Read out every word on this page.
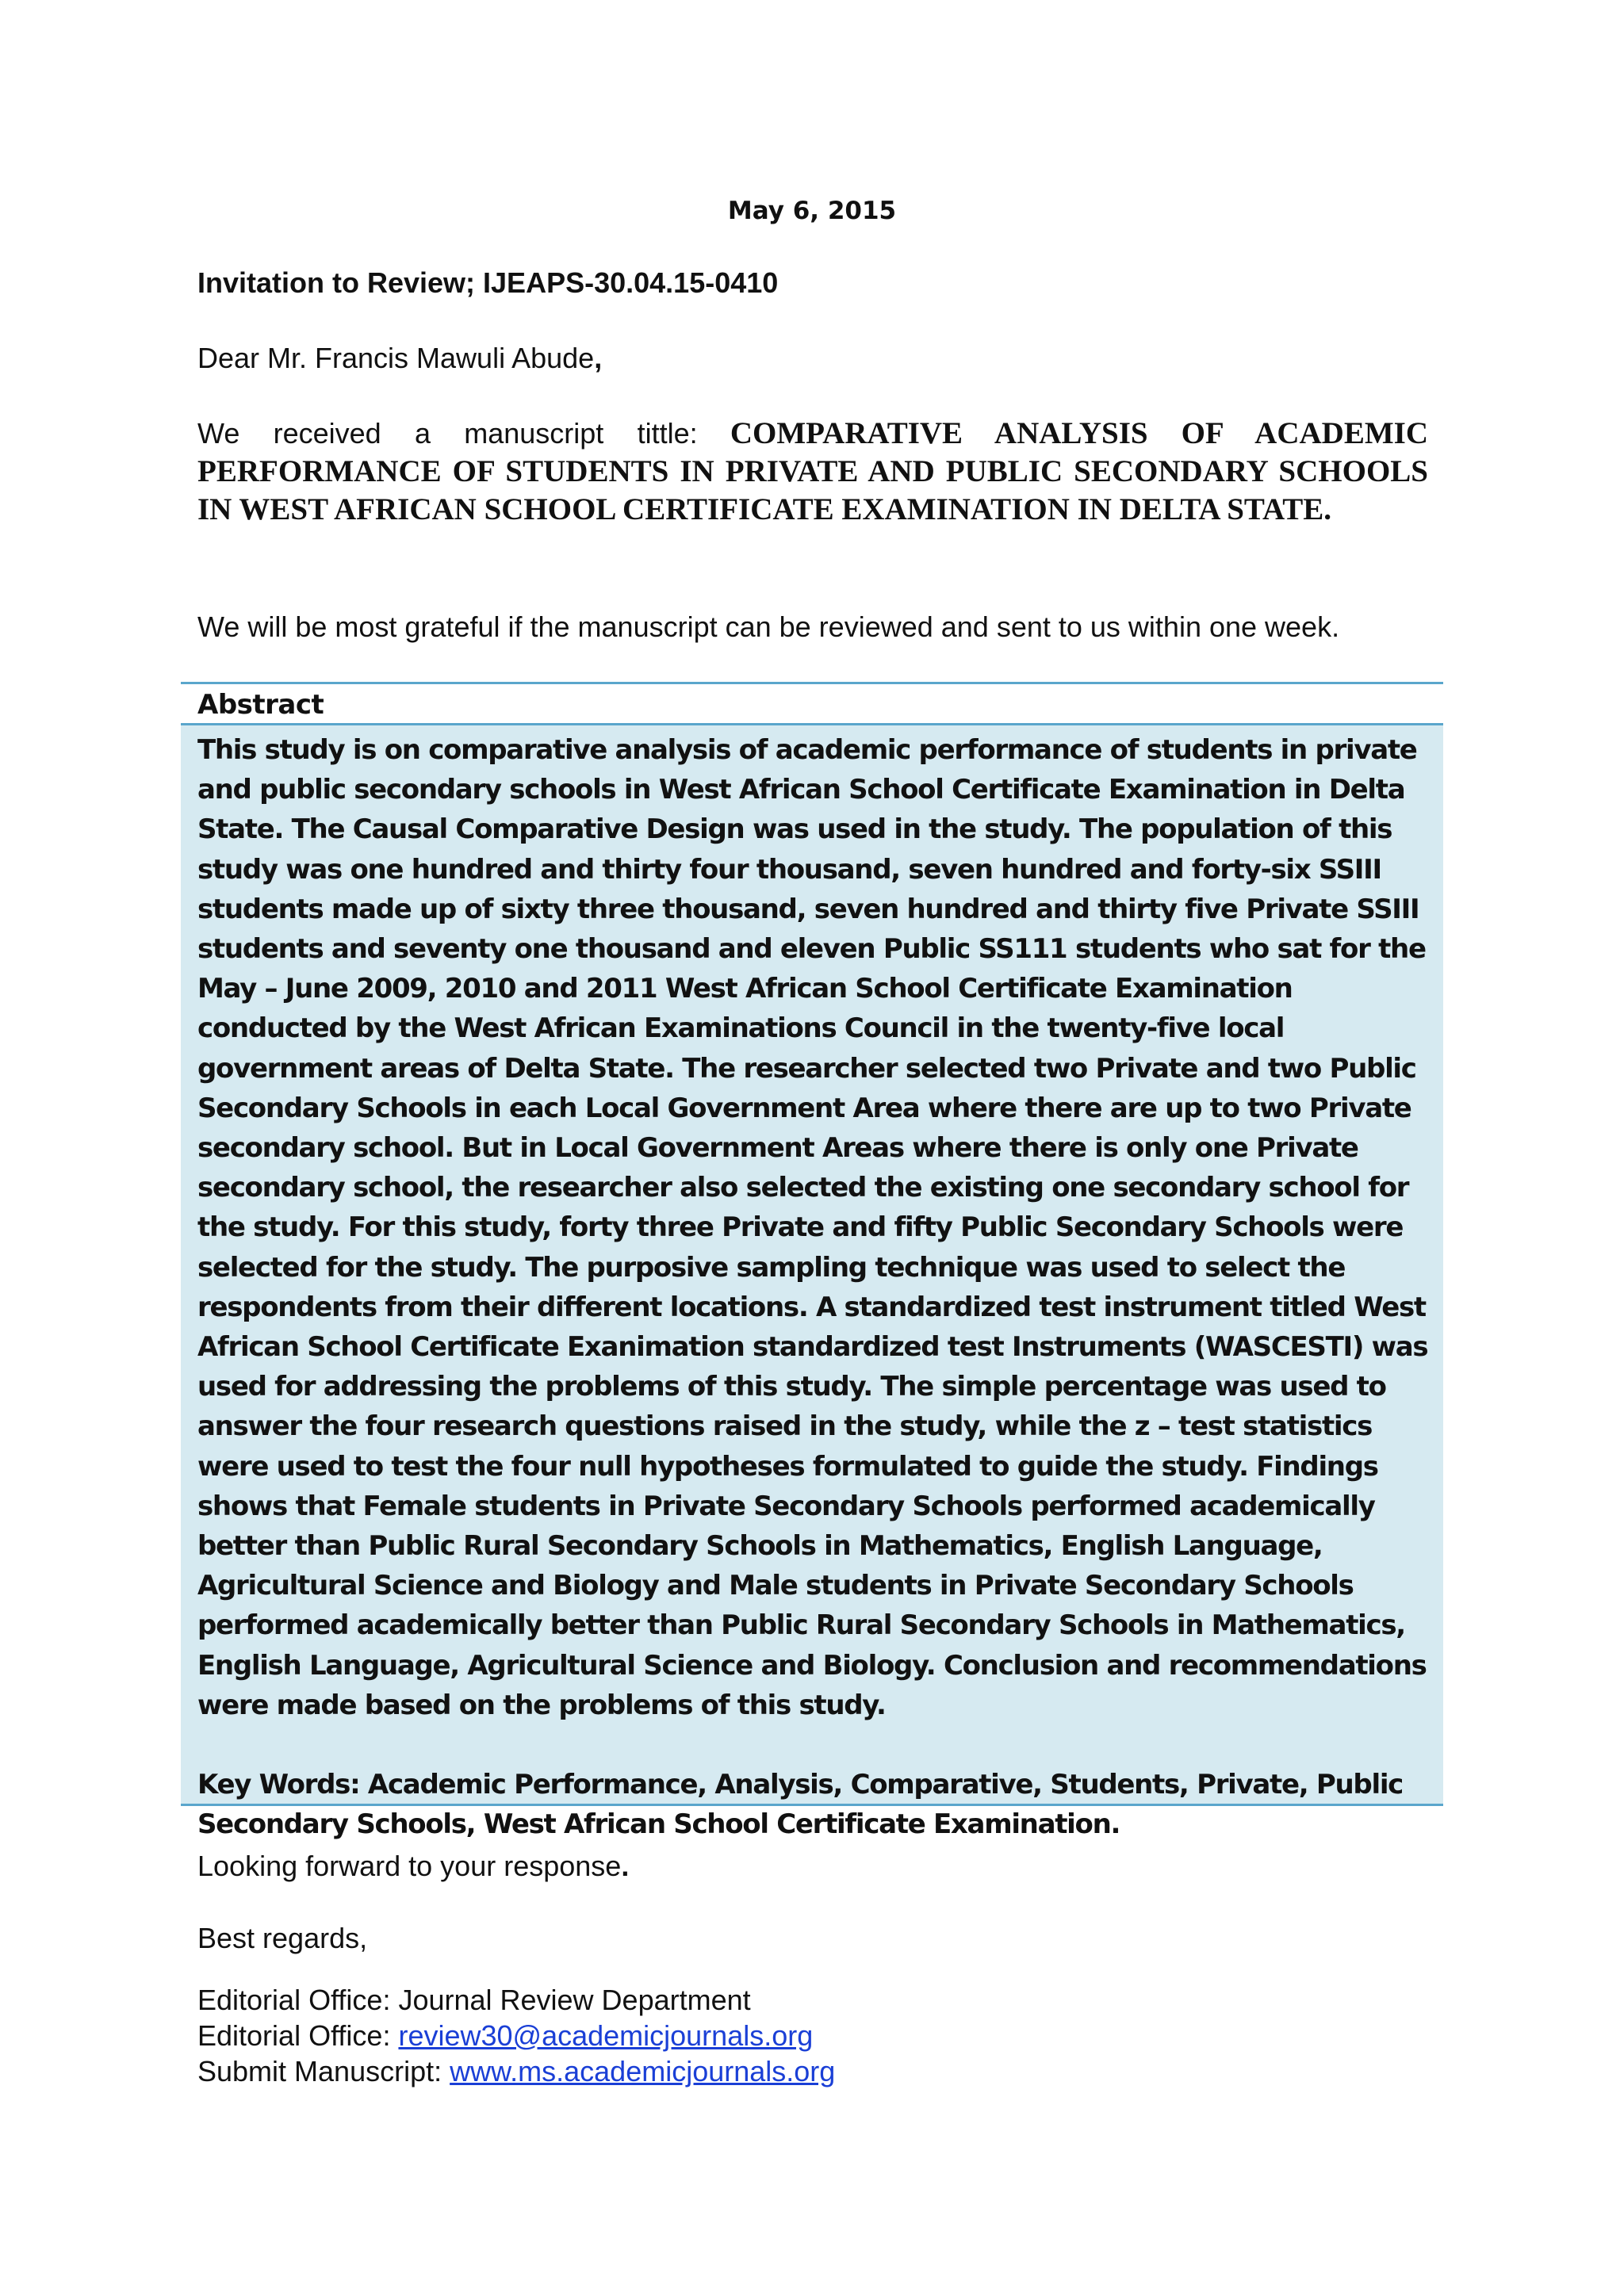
May 6, 2015
Invitation to Review; IJEAPS-30.04.15-0410
Dear Mr. Francis Mawuli Abude,
We received a manuscript tittle: COMPARATIVE ANALYSIS OF ACADEMIC PERFORMANCE OF STUDENTS IN PRIVATE AND PUBLIC SECONDARY SCHOOLS IN WEST AFRICAN SCHOOL CERTIFICATE EXAMINATION IN DELTA STATE.
We will be most grateful if the manuscript can be reviewed and sent to us within one week.
Abstract
This study is on comparative analysis of academic performance of students in private and public secondary schools in West African School Certificate Examination in Delta State. The Causal Comparative Design was used in the study. The population of this study was one hundred and thirty four thousand, seven hundred and forty-six SSIII students made up of sixty three thousand, seven hundred and thirty five Private SSIII students and seventy one thousand and eleven Public SS111 students who sat for the May – June 2009, 2010 and 2011 West African School Certificate Examination conducted by the West African Examinations Council in the twenty-five local government areas of Delta State. The researcher selected two Private and two Public Secondary Schools in each Local Government Area where there are up to two Private secondary school. But in Local Government Areas where there is only one Private secondary school, the researcher also selected the existing one secondary school for the study. For this study, forty three Private and fifty Public Secondary Schools were selected for the study. The purposive sampling technique was used to select the respondents from their different locations. A standardized test instrument titled West African School Certificate Exanimation standardized test Instruments (WASCESTI) was used for addressing the problems of this study. The simple percentage was used to answer the four research questions raised in the study, while the z – test statistics were used to test the four null hypotheses formulated to guide the study. Findings shows that Female students in Private Secondary Schools performed academically better than Public Rural Secondary Schools in Mathematics, English Language, Agricultural Science and Biology and Male students in Private Secondary Schools performed academically better than Public Rural Secondary Schools in Mathematics, English Language, Agricultural Science and Biology. Conclusion and recommendations were made based on the problems of this study.
Key Words: Academic Performance, Analysis, Comparative, Students, Private, Public Secondary Schools, West African School Certificate Examination.
Looking forward to your response.
Best regards,
Editorial Office: Journal Review Department
Editorial Office: review30@academicjournals.org
Submit Manuscript: www.ms.academicjournals.org
